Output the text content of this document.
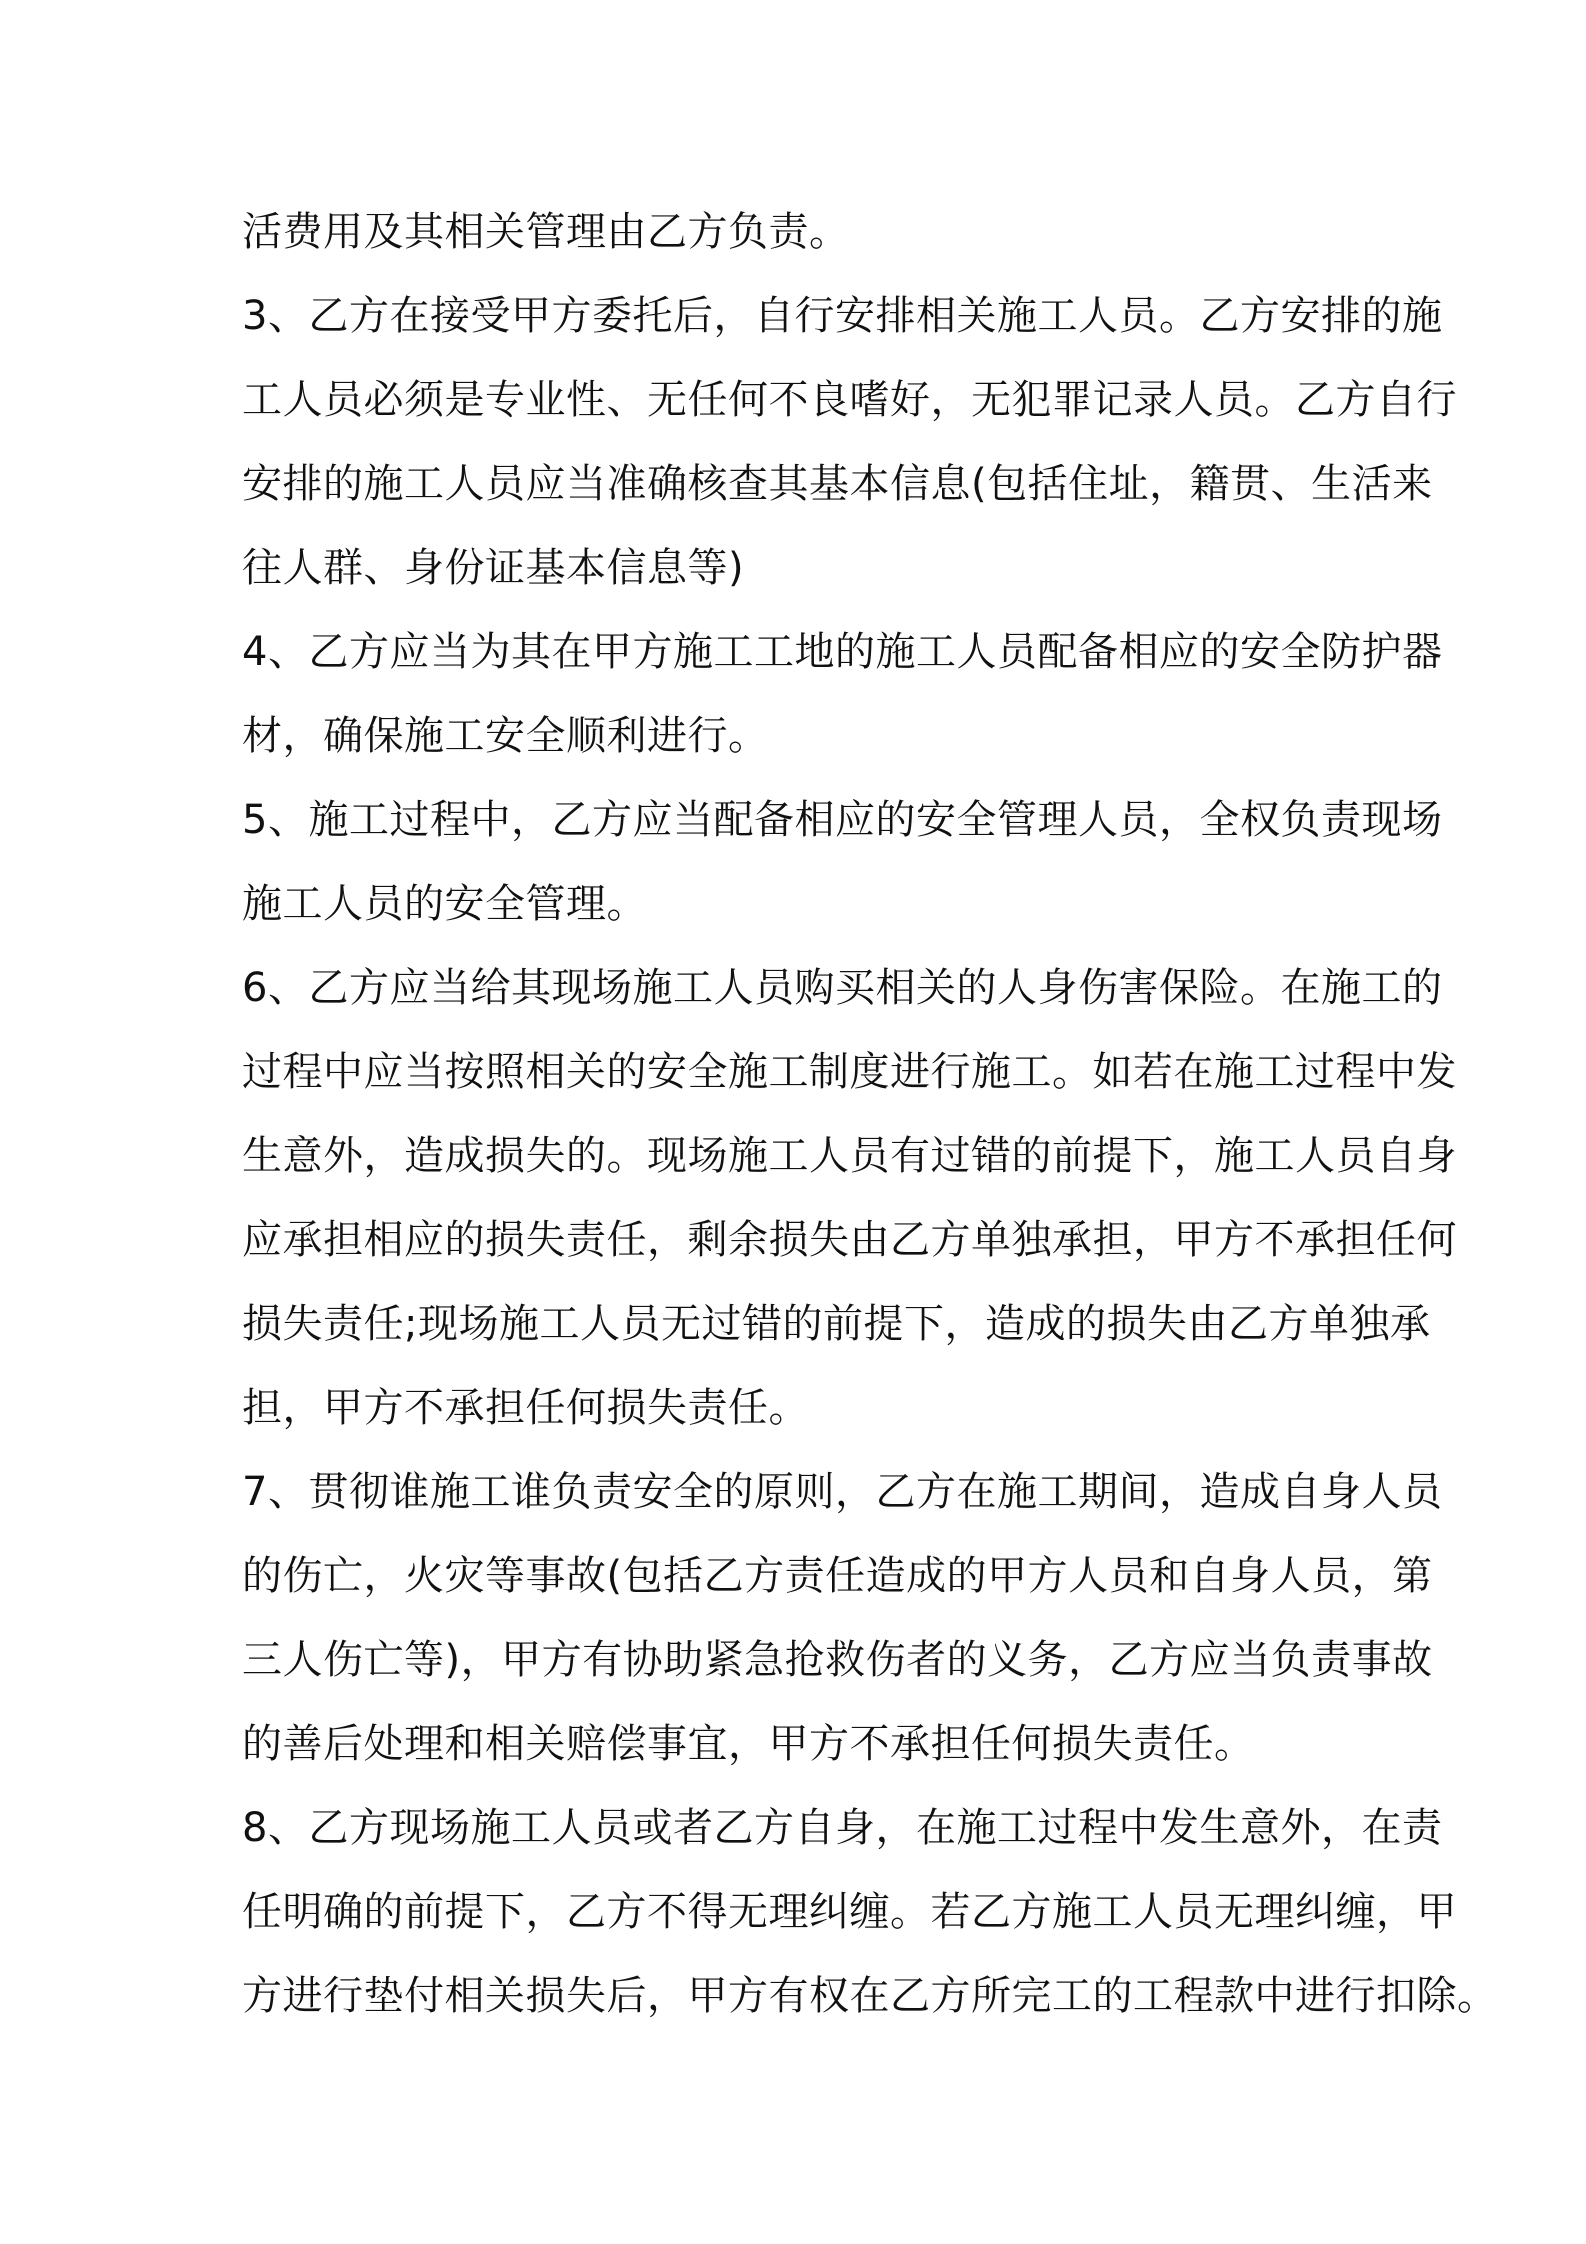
活费用及其相关管理由乙方负责。
3、乙方在接受甲方委托后，自行安排相关施工人员。乙方安排的施
工人员必须是专业性、无任何不良嗜好，无犯罪记录人员。乙方自行
安排的施工人员应当准确核查其基本信息(包括住址，籍贯、生活来
往人群、身份证基本信息等)
4、乙方应当为其在甲方施工工地的施工人员配备相应的安全防护器
材，确保施工安全顺利进行。
5、施工过程中，乙方应当配备相应的安全管理人员，全权负责现场
施工人员的安全管理。
6、乙方应当给其现场施工人员购买相关的人身伤害保险。在施工的
过程中应当按照相关的安全施工制度进行施工。如若在施工过程中发
生意外，造成损失的。现场施工人员有过错的前提下，施工人员自身
应承担相应的损失责任，剩余损失由乙方单独承担，甲方不承担任何
损失责任;现场施工人员无过错的前提下，造成的损失由乙方单独承
担，甲方不承担任何损失责任。
7、贯彻谁施工谁负责安全的原则，乙方在施工期间，造成自身人员
的伤亡，火灾等事故(包括乙方责任造成的甲方人员和自身人员，第
三人伤亡等)，甲方有协助紧急抢救伤者的义务，乙方应当负责事故
的善后处理和相关赔偿事宜，甲方不承担任何损失责任。
8、乙方现场施工人员或者乙方自身，在施工过程中发生意外，在责
任明确的前提下，乙方不得无理纠缠。若乙方施工人员无理纠缠，甲
方进行垫付相关损失后，甲方有权在乙方所完工的工程款中进行扣除。
